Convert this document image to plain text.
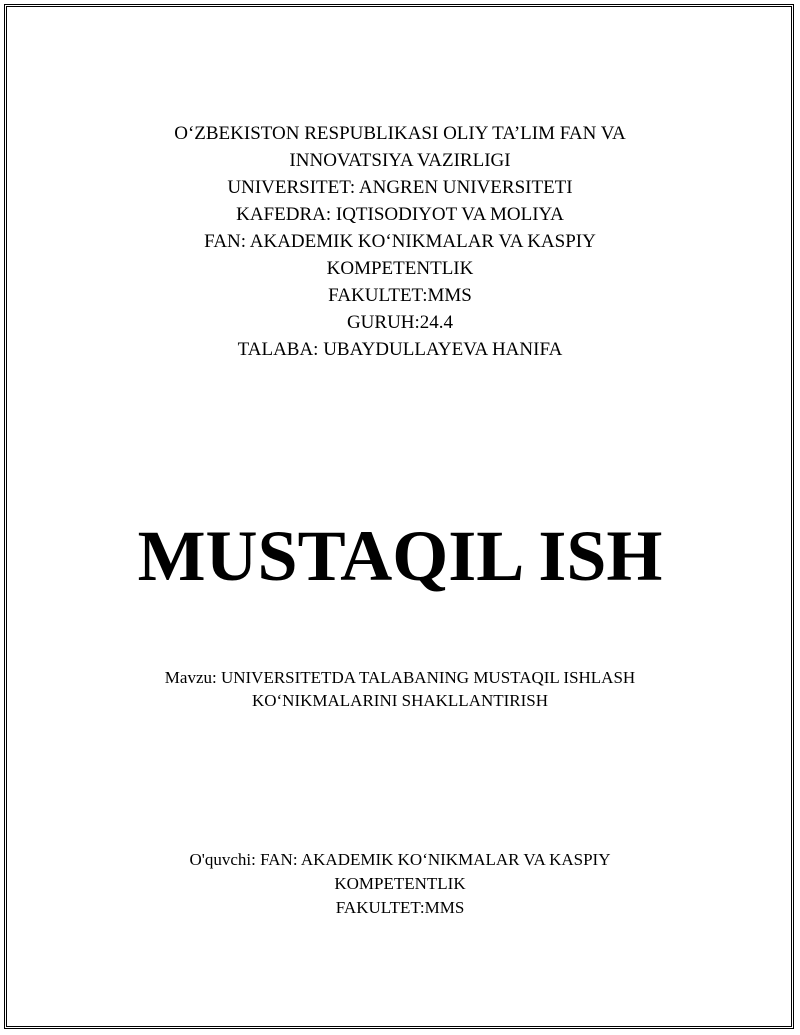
O‘ZBEKISTON RESPUBLIKASI OLIY TA’LIM FAN VA
INNOVATSIYA VAZIRLIGI
UNIVERSITET: ANGREN UNIVERSITETI
KAFEDRA: IQTISODIYOT VA MOLIYA
FAN: AKADEMIK KO‘NIKMALAR VA KASPIY
KOMPETENTLIK
FAKULTET:MMS
GURUH:24.4
TALABA: UBAYDULLAYEVA HANIFA
MUSTAQIL ISH
Mavzu: UNIVERSITETDA TALABANING MUSTAQIL ISHLASH
KO‘NIKMALARINI SHAKLLANTIRISH
O'quvchi: FAN: AKADEMIK KO‘NIKMALAR VA KASPIY
KOMPETENTLIK
FAKULTET:MMS
